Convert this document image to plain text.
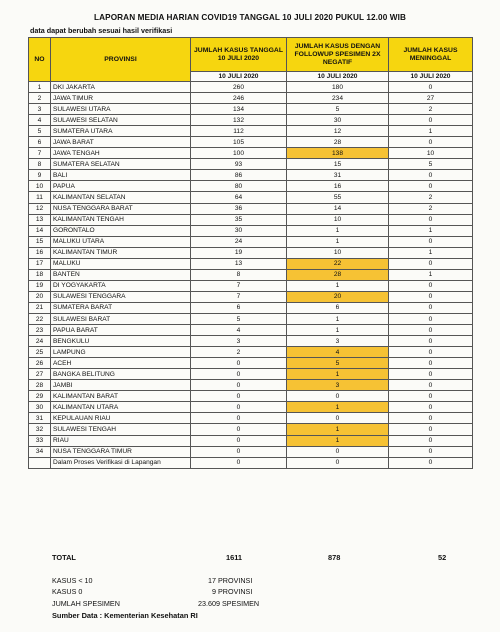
LAPORAN MEDIA HARIAN COVID19 TANGGAL 10 JULI 2020 PUKUL 12.00 WIB
data dapat berubah sesuai hasil verifikasi
NO	PROVINSI	JUMLAH KASUS TANGGAL 10 JULI 2020	JUMLAH KASUS DENGAN FOLLOWUP SPESIMEN 2X NEGATIF	JUMLAH KASUS MENINGGAL
		10 JULI 2020	10 JULI 2020	10 JULI 2020
1	DKI JAKARTA	260	180	0
2	JAWA TIMUR	246	234	27
3	SULAWESI UTARA	134	5	2
4	SULAWESI SELATAN	132	30	0
5	SUMATERA UTARA	112	12	1
6	JAWA BARAT	105	28	0
7	JAWA TENGAH	100	138	10
8	SUMATERA SELATAN	93	15	5
9	BALI	86	31	0
10	PAPUA	80	16	0
11	KALIMANTAN SELATAN	64	55	2
12	NUSA TENGGARA BARAT	36	14	2
13	KALIMANTAN TENGAH	35	10	0
14	GORONTALO	30	1	1
15	MALUKU UTARA	24	1	0
16	KALIMANTAN TIMUR	19	10	1
17	MALUKU	13	22	0
18	BANTEN	8	28	1
19	DI YOGYAKARTA	7	1	0
20	SULAWESI TENGGARA	7	20	0
21	SUMATERA BARAT	6	6	0
22	SULAWESI BARAT	5	1	0
23	PAPUA BARAT	4	1	0
24	BENGKULU	3	3	0
25	LAMPUNG	2	4	0
26	ACEH	0	5	0
27	BANGKA BELITUNG	0	1	0
28	JAMBI	0	3	0
29	KALIMANTAN BARAT	0	0	0
30	KALIMANTAN UTARA	0	1	0
31	KEPULAUAN RIAU	0	0	0
32	SULAWESI TENGAH	0	1	0
33	RIAU	0	1	0
34	NUSA TENGGARA TIMUR	0	0	0
	Dalam Proses Verifikasi di Lapangan	0	0	0
TOTAL	1611	878	52
KASUS < 10	17 PROVINSI
KASUS 0	9 PROVINSI
JUMLAH SPESIMEN	23.609 SPESIMEN
Sumber Data : Kementerian Kesehatan RI
